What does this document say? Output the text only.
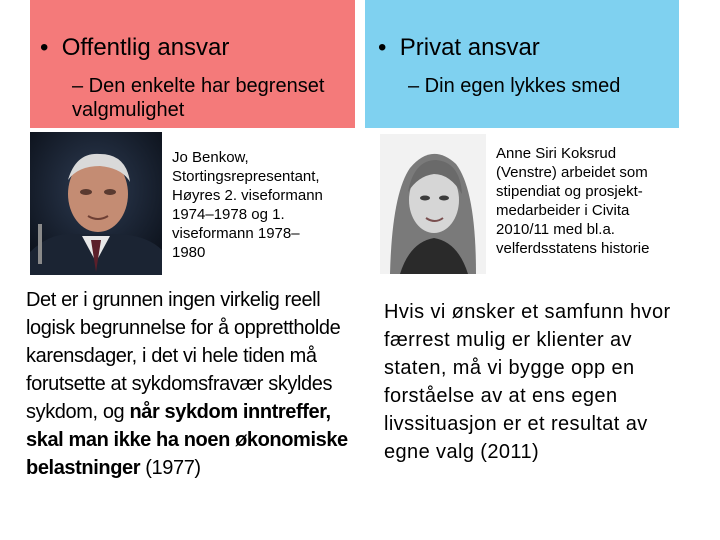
• Offentlig ansvar
– Den enkelte har begrenset valgmulighet
• Privat ansvar
– Din egen lykkes smed
Jo Benkow,
Stortingsrepresentant,
Høyres 2. viseformann
1974–1978 og 1.
viseformann 1978–
1980
Anne Siri Koksrud
(Venstre) arbeidet som
stipendiat og prosjekt-
medarbeider i Civita
2010/11 med bl.a.
velferdsstatens historie
Det er i grunnen ingen virkelig reell logisk begrunnelse for å opprettholde karensdager, i det vi hele tiden må forutsette at sykdomsfravær skyldes sykdom, og når sykdom inntreffer, skal man ikke ha noen økonomiske belastninger (1977)
Hvis vi ønsker et samfunn hvor færrest mulig er klienter av staten, må vi bygge opp en forståelse av at ens egen livssituasjon er et resultat av egne valg (2011)
